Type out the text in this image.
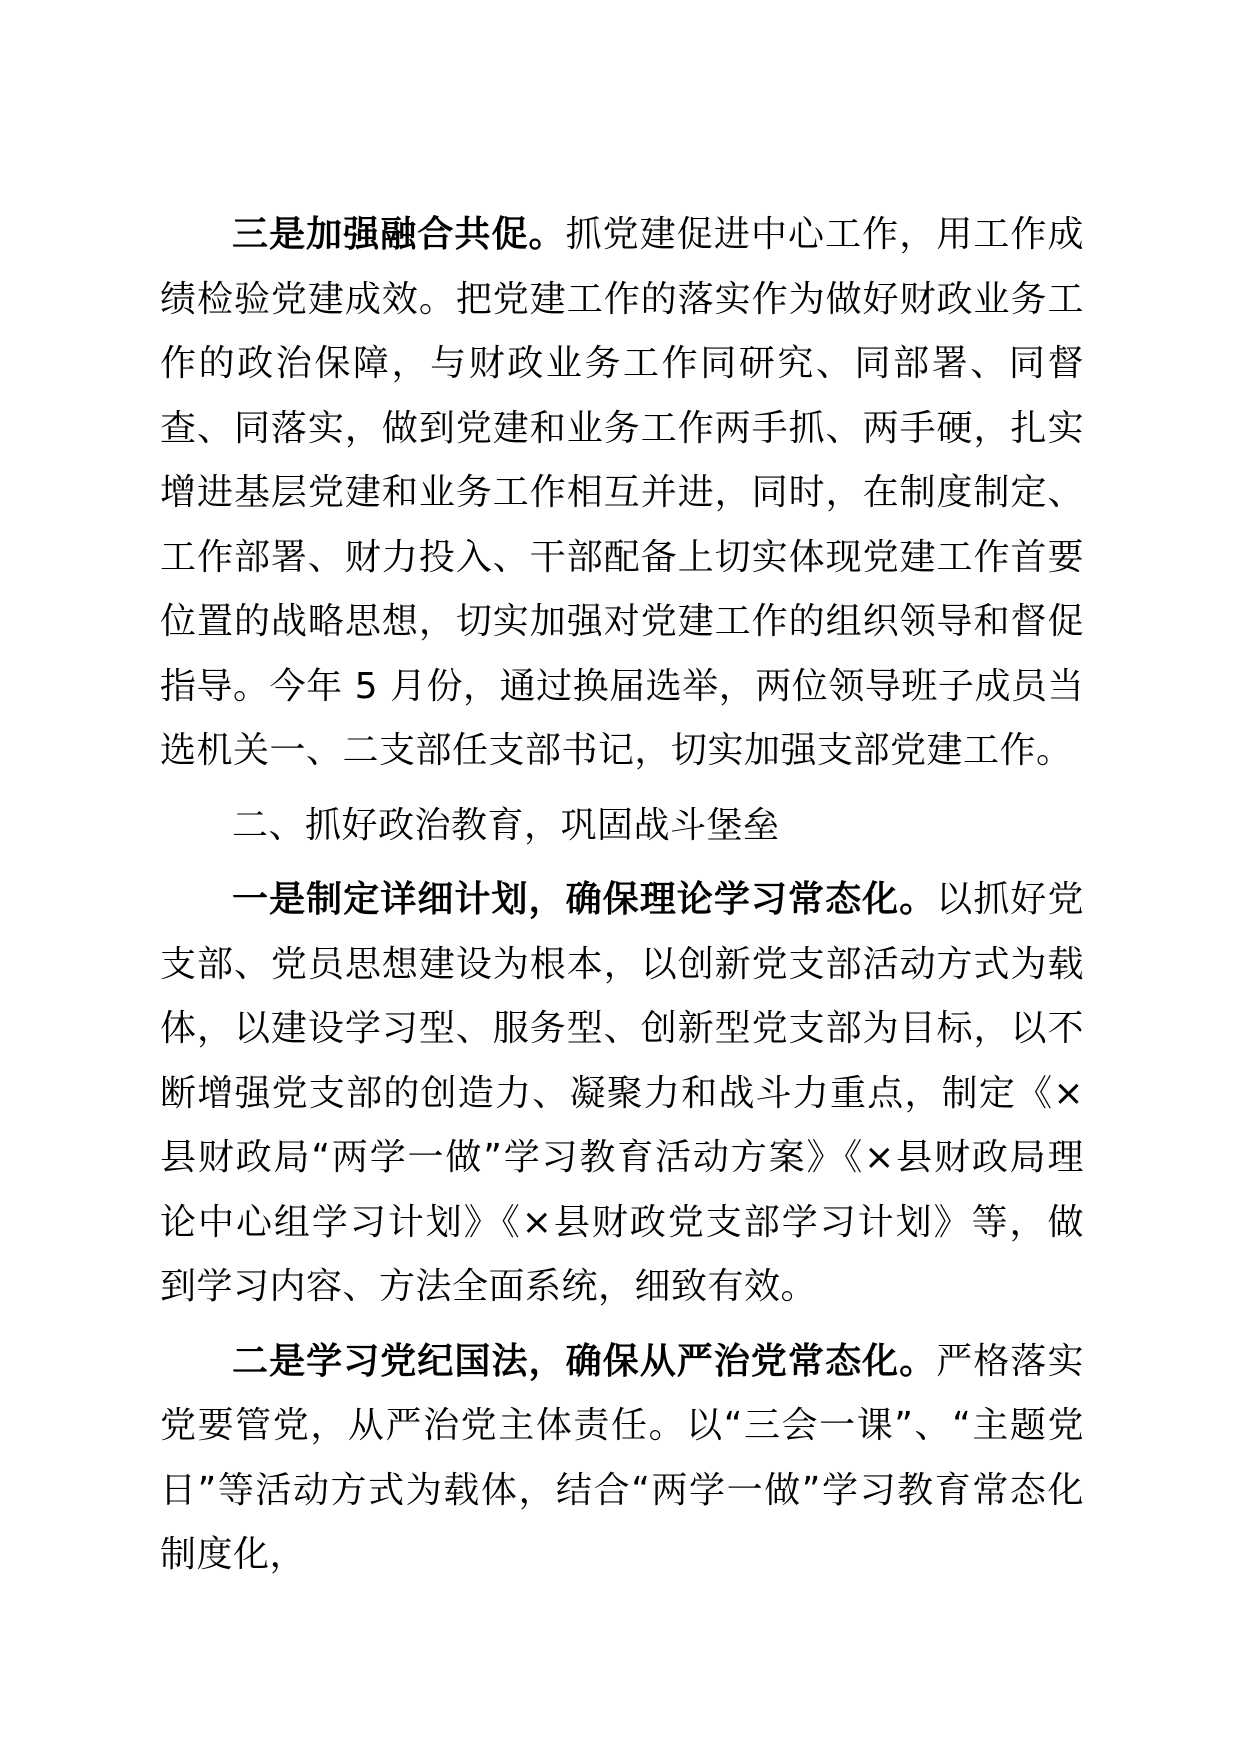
三是加强融合共促。抓党建促进中心工作，用工作成绩检验党建成效。把党建工作的落实作为做好财政业务工作的政治保障，与财政业务工作同研究、同部署、同督查、同落实，做到党建和业务工作两手抓、两手硬，扎实增进基层党建和业务工作相互并进，同时，在制度制定、工作部署、财力投入、干部配备上切实体现党建工作首要位置的战略思想，切实加强对党建工作的组织领导和督促指导。今年 5 月份，通过换届选举，两位领导班子成员当选机关一、二支部任支部书记，切实加强支部党建工作。

二、抓好政治教育，巩固战斗堡垒

一是制定详细计划，确保理论学习常态化。以抓好党支部、党员思想建设为根本，以创新党支部活动方式为载体，以建设学习型、服务型、创新型党支部为目标，以不断增强党支部的创造力、凝聚力和战斗力重点，制定《×县财政局“两学一做”学习教育活动方案》《×县财政局理论中心组学习计划》《×县财政党支部学习计划》等，做到学习内容、方法全面系统，细致有效。

二是学习党纪国法，确保从严治党常态化。严格落实党要管党，从严治党主体责任。以“三会一课”、“主题党日”等活动方式为载体，结合“两学一做”学习教育常态化制度化，
